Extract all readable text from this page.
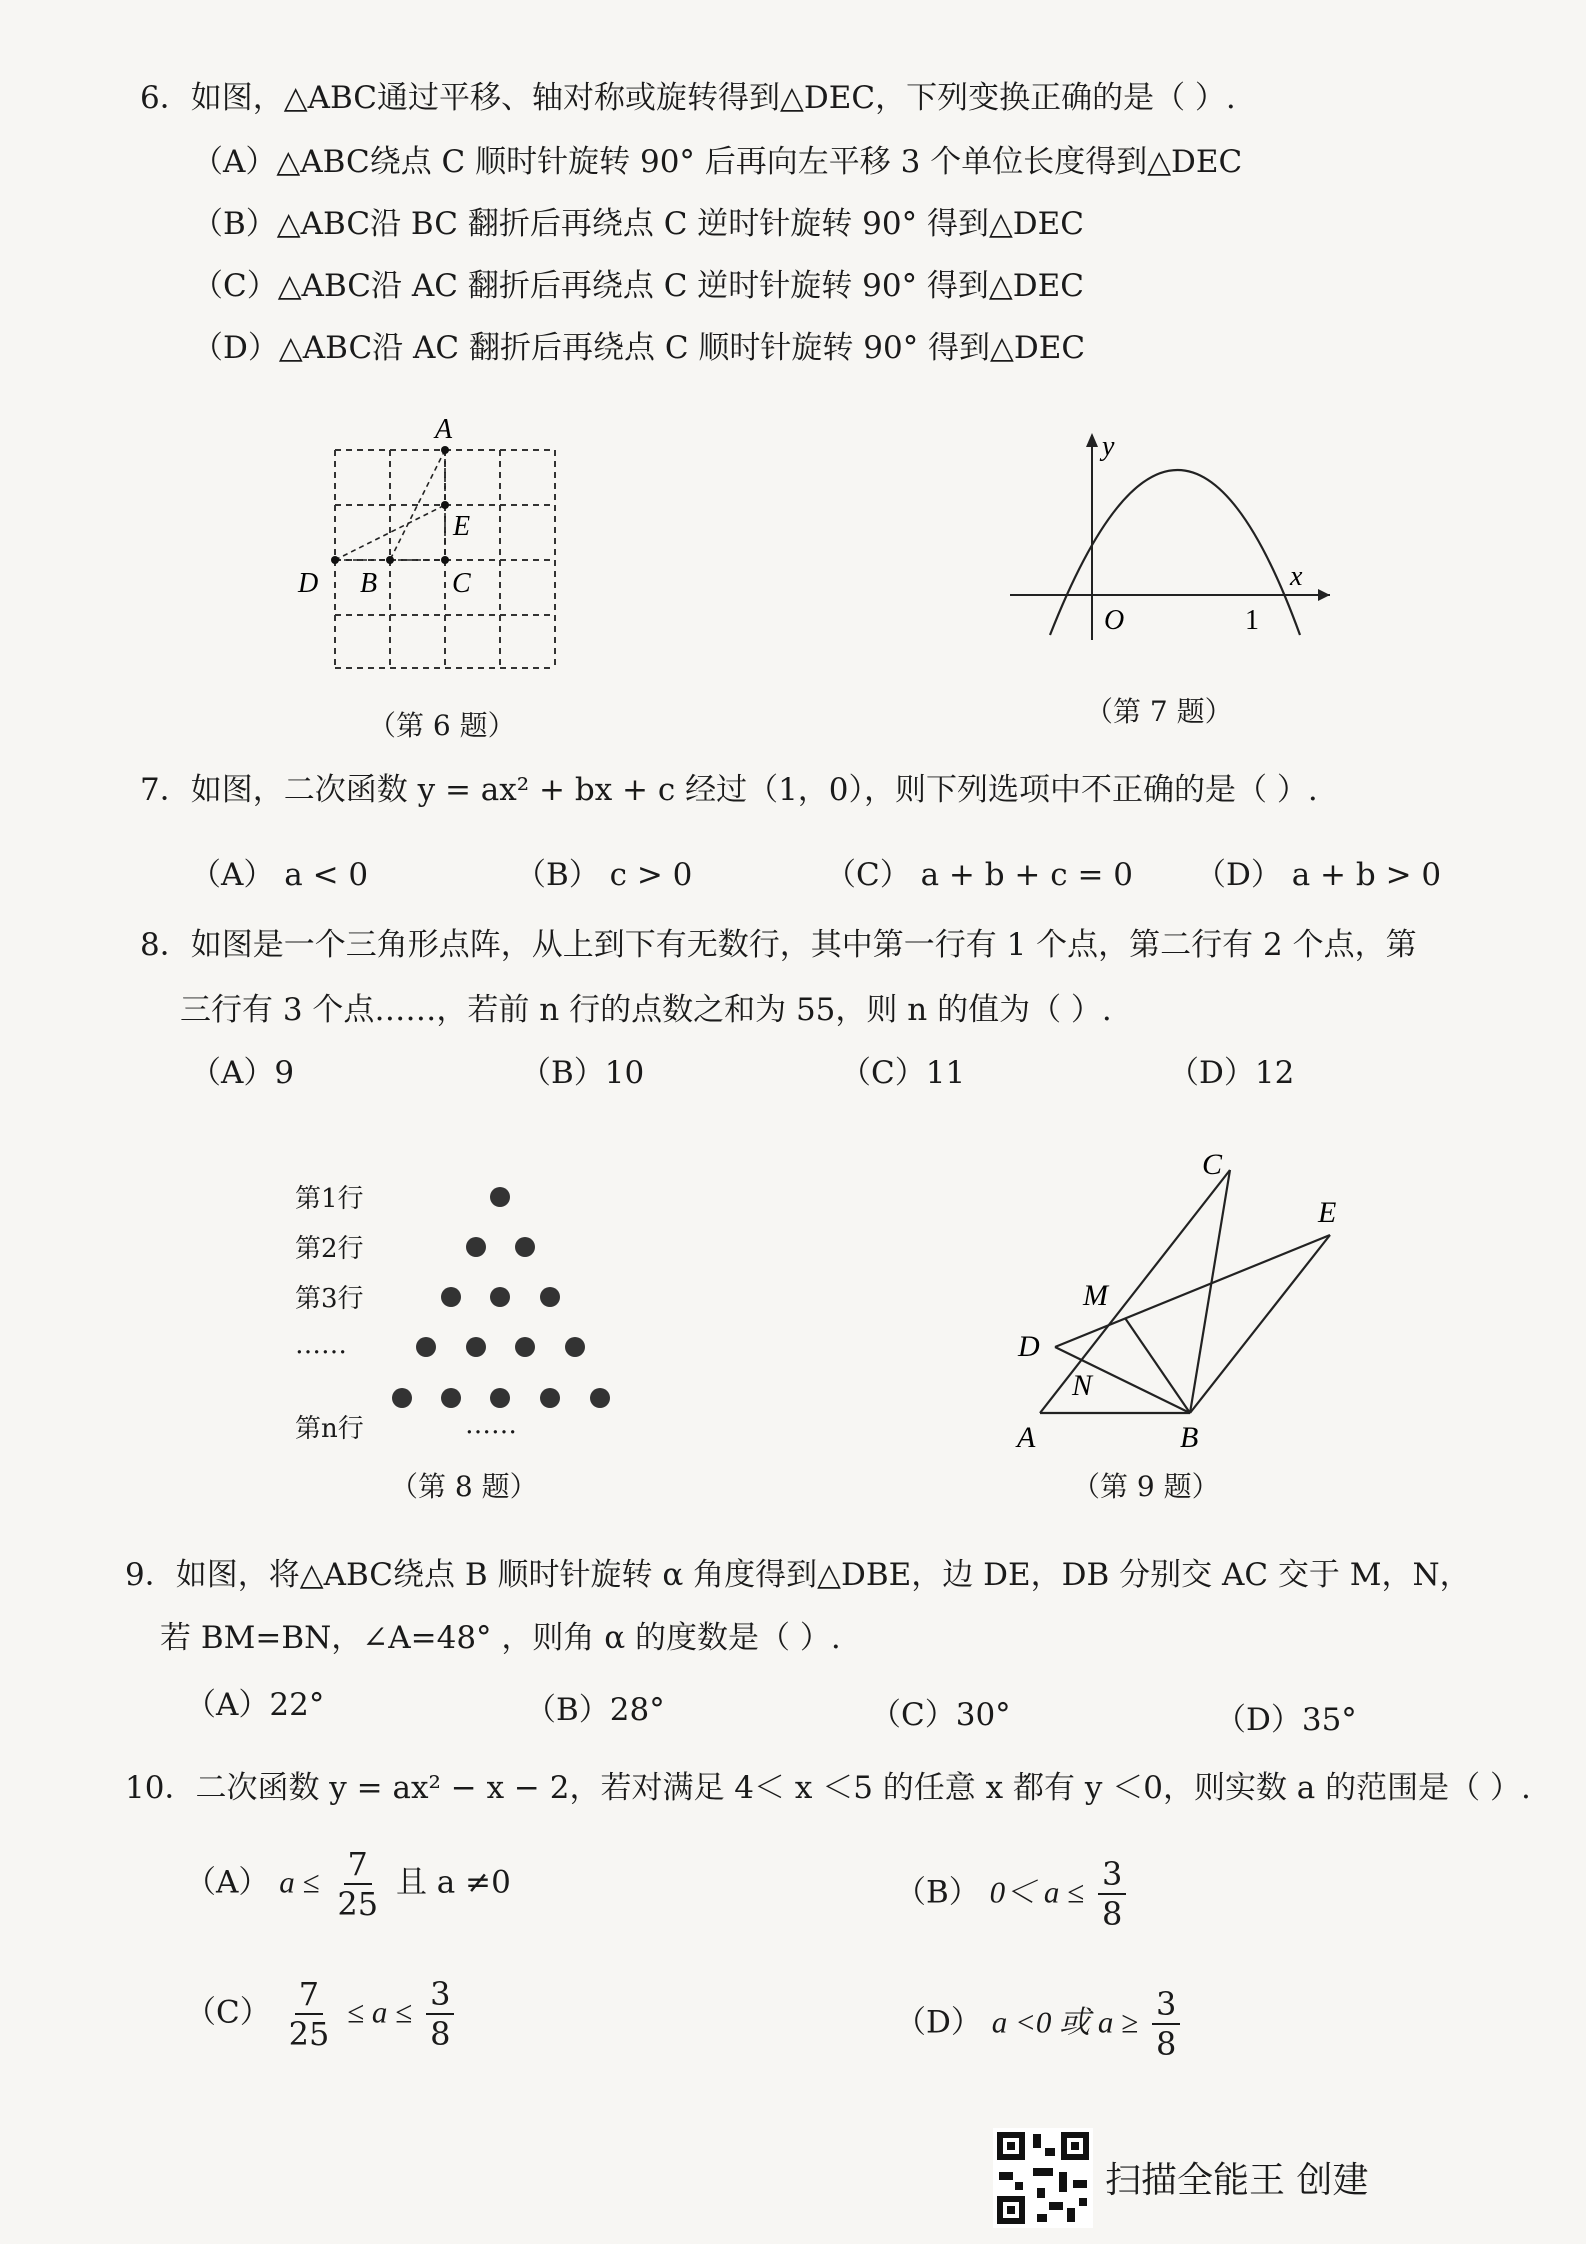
6．如图，△ABC通过平移、轴对称或旋转得到△DEC，下列变换正确的是（ ）.
（A）△ABC绕点 C 顺时针旋转 90° 后再向左平移 3 个单位长度得到△DEC
（B）△ABC沿 BC 翻折后再绕点 C 逆时针旋转 90° 得到△DEC
（C）△ABC沿 AC 翻折后再绕点 C 逆时针旋转 90° 得到△DEC
（D）△ABC沿 AC 翻折后再绕点 C 顺时针旋转 90° 得到△DEC
A
E
D B	C
（第 6 题）
y
x
O	1
（第 7 题）
7．如图，二次函数 y = ax² + bx + c 经过（1，0），则下列选项中不正确的是（ ）.
（A） a < 0	（B） c > 0	（C） a + b + c = 0 （D） a + b > 0
8．如图是一个三角形点阵，从上到下有无数行，其中第一行有 1 个点，第二行有 2 个点，第
三行有 3 个点……，若前 n 行的点数之和为 55，则 n 的值为（ ）.
（A）9	（B）10	（C）11	（D）12
第1行
第2行
第3行
……
第n行	……
（第 8 题）
C
E
M
D
N
A	B
（第 9 题）
9．如图，将△ABC绕点 B 顺时针旋转 α 角度得到△DBE，边 DE，DB 分别交 AC 交于 M，N，
若 BM=BN，∠A=48° ，则角 α 的度数是（ ）.
（A）22°	（B）28°	（C）30°	（D）35°
10．二次函数 y = ax² − x − 2，若对满足 4＜ x ＜5 的任意 x 都有 y ＜0，则实数 a 的范围是（ ）.
（A） $a \le \frac{7}{25}$ 且 a ≠0	（B） $0< a \le \frac{3}{8}$
$(C) \frac{7}{25} \le a \le \frac{3}{8}$	（D） a <0 或 $a \ge \frac{3}{8}$
扫描全能王 创建
